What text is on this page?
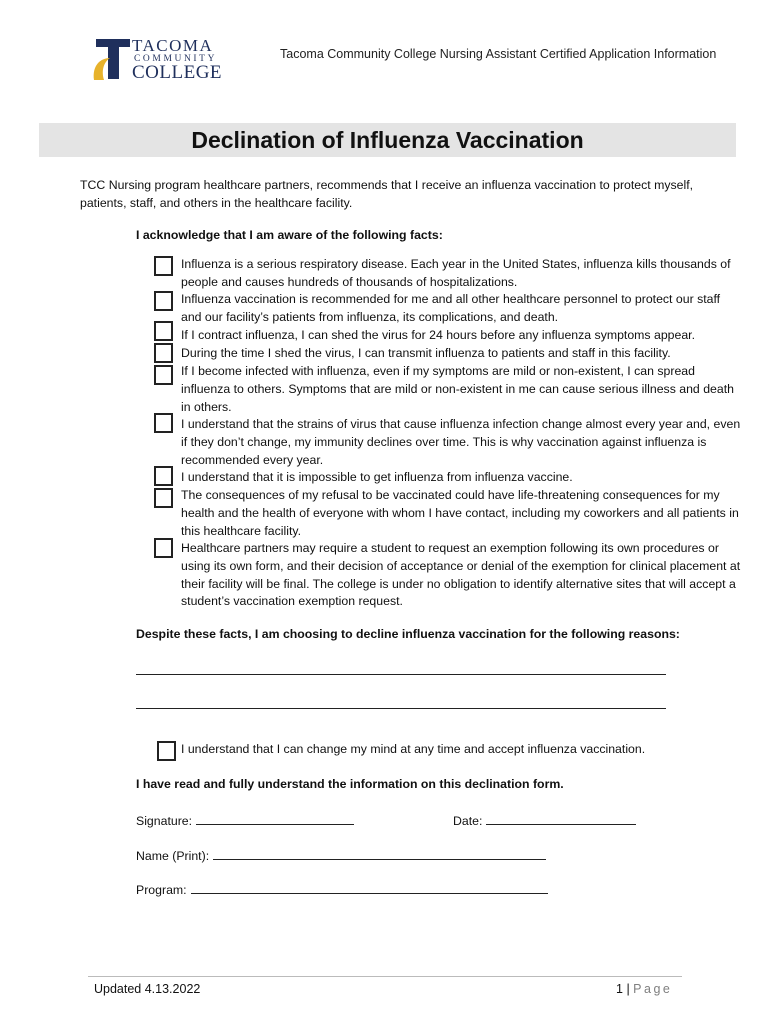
TACOMA
COMMUNITY
COLLEGE
Tacoma Community College Nursing Assistant Certified Application Information
Declination of Influenza Vaccination
TCC Nursing program healthcare partners, recommends that I receive an influenza vaccination to protect myself, patients, staff, and others in the healthcare facility.
I acknowledge that I am aware of the following facts:
Influenza is a serious respiratory disease. Each year in the United States, influenza kills thousands of people and causes hundreds of thousands of hospitalizations.
Influenza vaccination is recommended for me and all other healthcare personnel to protect our staff and our facility’s patients from influenza, its complications, and death.
If I contract influenza, I can shed the virus for 24 hours before any influenza symptoms appear.
During the time I shed the virus, I can transmit influenza to patients and staff in this facility.
If I become infected with influenza, even if my symptoms are mild or non-existent, I can spread influenza to others. Symptoms that are mild or non-existent in me can cause serious illness and death in others.
I understand that the strains of virus that cause influenza infection change almost every year and, even if they don’t change, my immunity declines over time. This is why vaccination against influenza is recommended every year.
I understand that it is impossible to get influenza from influenza vaccine.
The consequences of my refusal to be vaccinated could have life-threatening consequences for my health and the health of everyone with whom I have contact, including my coworkers and all patients in this healthcare facility.
Healthcare partners may require a student to request an exemption following its own procedures or using its own form, and their decision of acceptance or denial of the exemption for clinical placement at their facility will be final. The college is under no obligation to identify alternative sites that will accept a student’s vaccination exemption request.
Despite these facts, I am choosing to decline influenza vaccination for the following reasons:
I understand that I can change my mind at any time and accept influenza vaccination.
I have read and fully understand the information on this declination form.
Signature:	Date:
Name (Print):
Program:
Updated 4.13.2022	1 | Page
